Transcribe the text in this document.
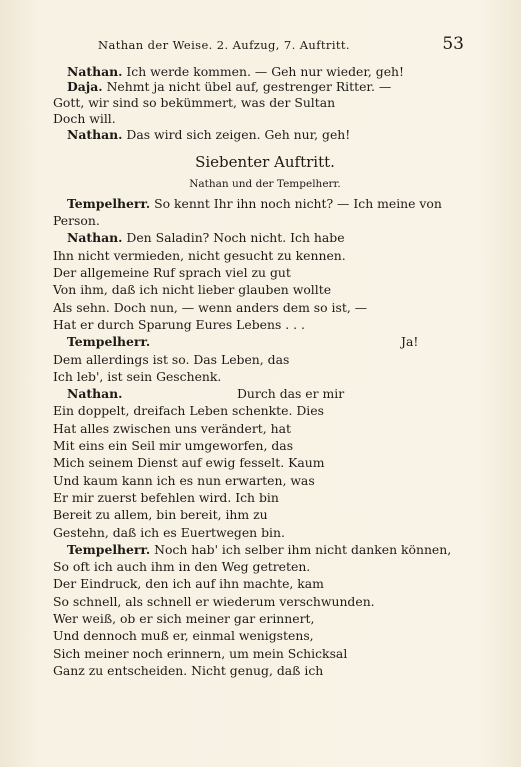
Nathan der Weise. 2. Aufzug, 7. Auftritt.	53
Nathan. Ich werde kommen. — Geh nur wieder, geh!
Daja. Nehmt ja nicht übel auf, gestrenger Ritter. —
Gott, wir sind so bekümmert, was der Sultan
Doch will.
Nathan. Das wird sich zeigen. Geh nur, geh!
Siebenter Auftritt.
Nathan und der Tempelherr.
Tempelherr. So kennt Ihr ihn noch nicht? — Ich meine von
Person.
Nathan. Den Saladin? Noch nicht. Ich habe
Ihn nicht vermieden, nicht gesucht zu kennen.
Der allgemeine Ruf sprach viel zu gut
Von ihm, daß ich nicht lieber glauben wollte
Als sehn. Doch nun, — wenn anders dem so ist, —
Hat er durch Sparung Eures Lebens . . .
Tempelherr.	Ja!
Dem allerdings ist so. Das Leben, das
Ich leb', ist sein Geschenk.
Nathan.	Durch das er mir
Ein doppelt, dreifach Leben schenkte. Dies
Hat alles zwischen uns verändert, hat
Mit eins ein Seil mir umgeworfen, das
Mich seinem Dienst auf ewig fesselt. Kaum
Und kaum kann ich es nun erwarten, was
Er mir zuerst befehlen wird. Ich bin
Bereit zu allem, bin bereit, ihm zu
Gestehn, daß ich es Euertwegen bin.
Tempelherr. Noch hab' ich selber ihm nicht danken können,
So oft ich auch ihm in den Weg getreten.
Der Eindruck, den ich auf ihn machte, kam
So schnell, als schnell er wiederum verschwunden.
Wer weiß, ob er sich meiner gar erinnert,
Und dennoch muß er, einmal wenigstens,
Sich meiner noch erinnern, um mein Schicksal
Ganz zu entscheiden. Nicht genug, daß ich
